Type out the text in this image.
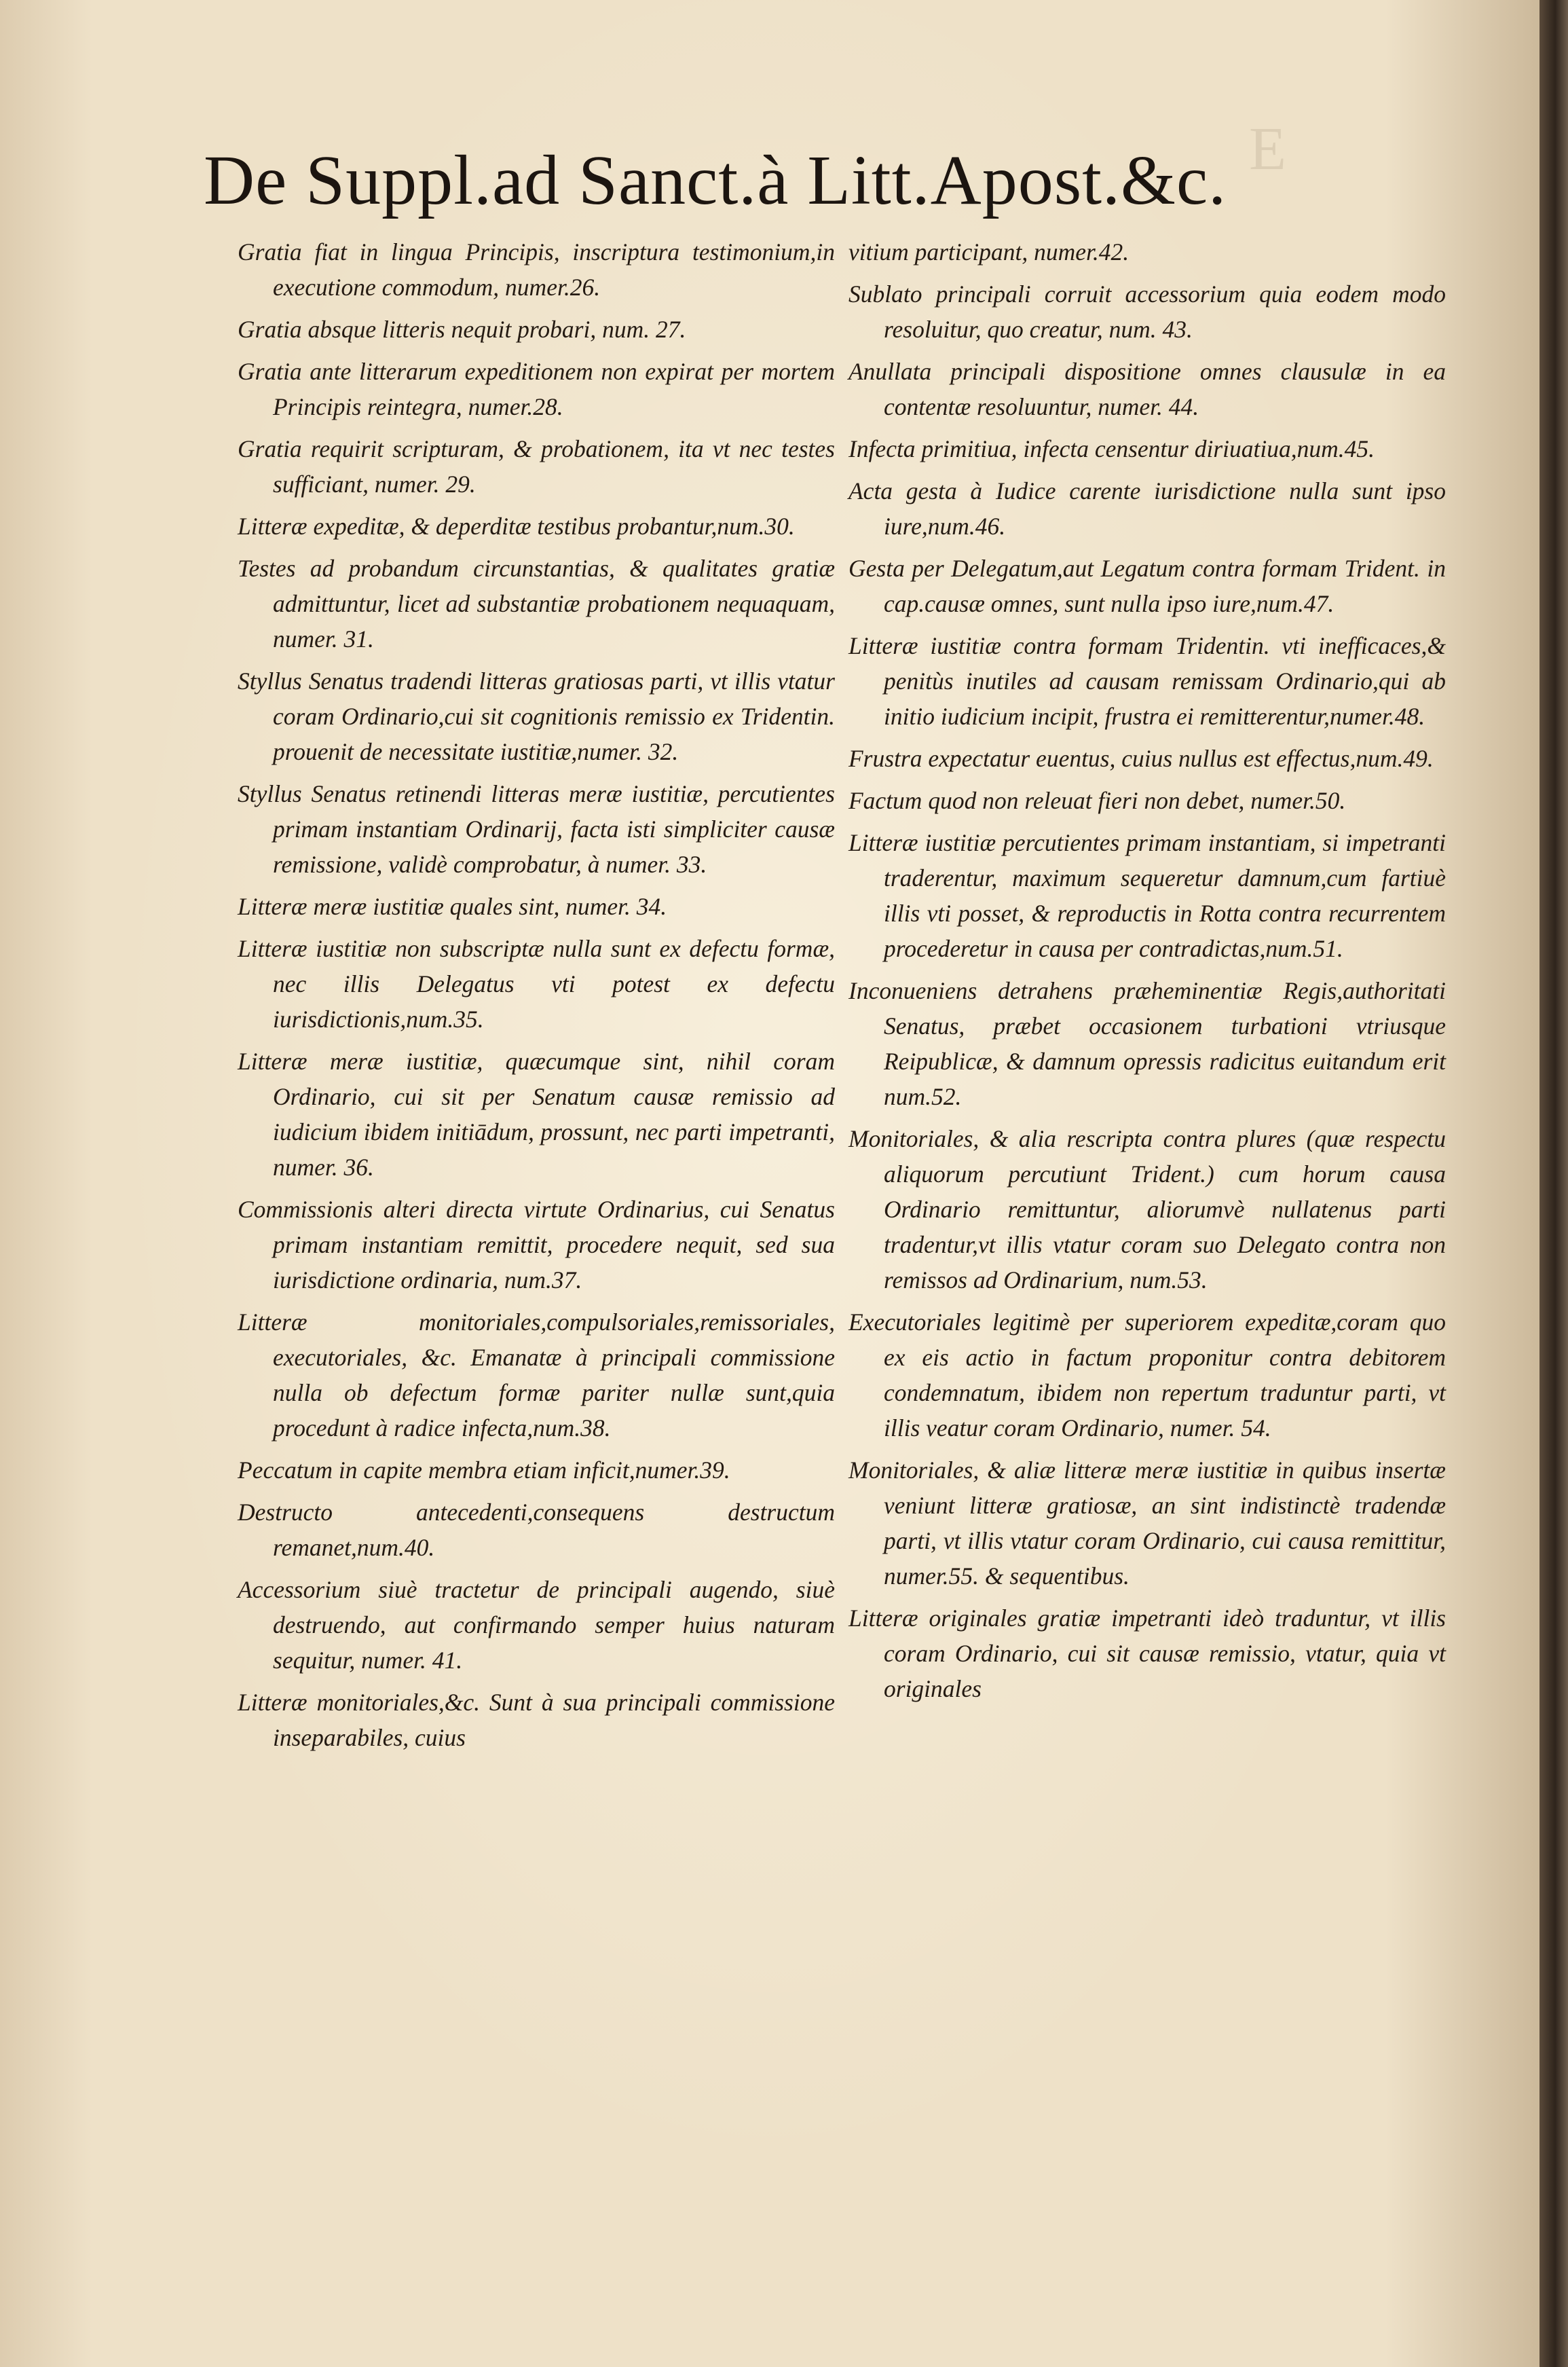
E
De Suppl.ad Sanct.à Litt.Apost.&c.

Gratia fiat in lingua Principis, inscriptura testimonium,in executione commodum, numer.26.

Gratia absque litteris nequit probari, num. 27.

Gratia ante litterarum expeditionem non expirat per mortem Principis reintegra, numer.28.

Gratia requirit scripturam, & probationem, ita vt nec testes sufficiant, numer. 29.

Litteræ expeditæ, & deperditæ testibus probantur,num.30.

Testes ad probandum circunstantias, & qualitates gratiæ admittuntur, licet ad substantiæ probationem nequaquam, numer. 31.

Styllus Senatus tradendi litteras gratiosas parti, vt illis vtatur coram Ordinario,cui sit cognitionis remissio ex Tridentin. prouenit de necessitate iustitiæ,numer. 32.

Styllus Senatus retinendi litteras meræ iustitiæ, percutientes primam instantiam Ordinarij, facta isti simpliciter causæ remissione, validè comprobatur, à numer. 33.

Litteræ meræ iustitiæ quales sint, numer. 34.

Litteræ iustitiæ non subscriptæ nulla sunt ex defectu formæ, nec illis Delegatus vti potest ex defectu iurisdictionis,num.35.

Litteræ meræ iustitiæ, quæcumque sint, nihil coram Ordinario, cui sit per Senatum causæ remissio ad iudicium ibidem initiādum, prossunt, nec parti impetranti, numer. 36.

Commissionis alteri directa virtute Ordinarius, cui Senatus primam instantiam remittit, procedere nequit, sed sua iurisdictione ordinaria, num.37.

Litteræ monitoriales,compulsoriales,remissoriales, executoriales, &c. Emanatæ à principali commissione nulla ob defectum formæ pariter nullæ sunt,quia procedunt à radice infecta,num.38.

Peccatum in capite membra etiam inficit,numer.39.

Destructo antecedenti,consequens destructum remanet,num.40.

Accessorium siuè tractetur de principali augendo, siuè destruendo, aut confirmando semper huius naturam sequitur, numer. 41.

Litteræ monitoriales,&c. Sunt à sua principali commissione inseparabiles, cuius

vitium participant, numer.42.

Sublato principali corruit accessorium quia eodem modo resoluitur, quo creatur, num. 43.

Anullata principali dispositione omnes clausulæ in ea contentæ resoluuntur, numer. 44.

Infecta primitiua, infecta censentur diriuatiua,num.45.

Acta gesta à Iudice carente iurisdictione nulla sunt ipso iure,num.46.

Gesta per Delegatum,aut Legatum contra formam Trident. in cap.causæ omnes, sunt nulla ipso iure,num.47.

Litteræ iustitiæ contra formam Tridentin. vti inefficaces,& penitùs inutiles ad causam remissam Ordinario,qui ab initio iudicium incipit, frustra ei remitterentur,numer.48.

Frustra expectatur euentus, cuius nullus est effectus,num.49.

Factum quod non releuat fieri non debet, numer.50.

Litteræ iustitiæ percutientes primam instantiam, si impetranti traderentur, maximum sequeretur damnum,cum fartiuè illis vti posset, & reproductis in Rotta contra recurrentem procederetur in causa per contradictas,num.51.

Inconueniens detrahens præheminentiæ Regis,authoritati Senatus, præbet occasionem turbationi vtriusque Reipublicæ, & damnum opressis radicitus euitandum erit num.52.

Monitoriales, & alia rescripta contra plures (quæ respectu aliquorum percutiunt Trident.) cum horum causa Ordinario remittuntur, aliorumvè nullatenus parti tradentur,vt illis vtatur coram suo Delegato contra non remissos ad Ordinarium, num.53.

Executoriales legitimè per superiorem expeditæ,coram quo ex eis actio in factum proponitur contra debitorem condemnatum, ibidem non repertum traduntur parti, vt illis veatur coram Ordinario, numer. 54.

Monitoriales, & aliæ litteræ meræ iustitiæ in quibus insertæ veniunt litteræ gratiosæ, an sint indistinctè tradendæ parti, vt illis vtatur coram Ordinario, cui causa remittitur, numer.55. & sequentibus.

Litteræ originales gratiæ impetranti ideò traduntur, vt illis coram Ordinario, cui sit causæ remissio, vtatur, quia vt originales
